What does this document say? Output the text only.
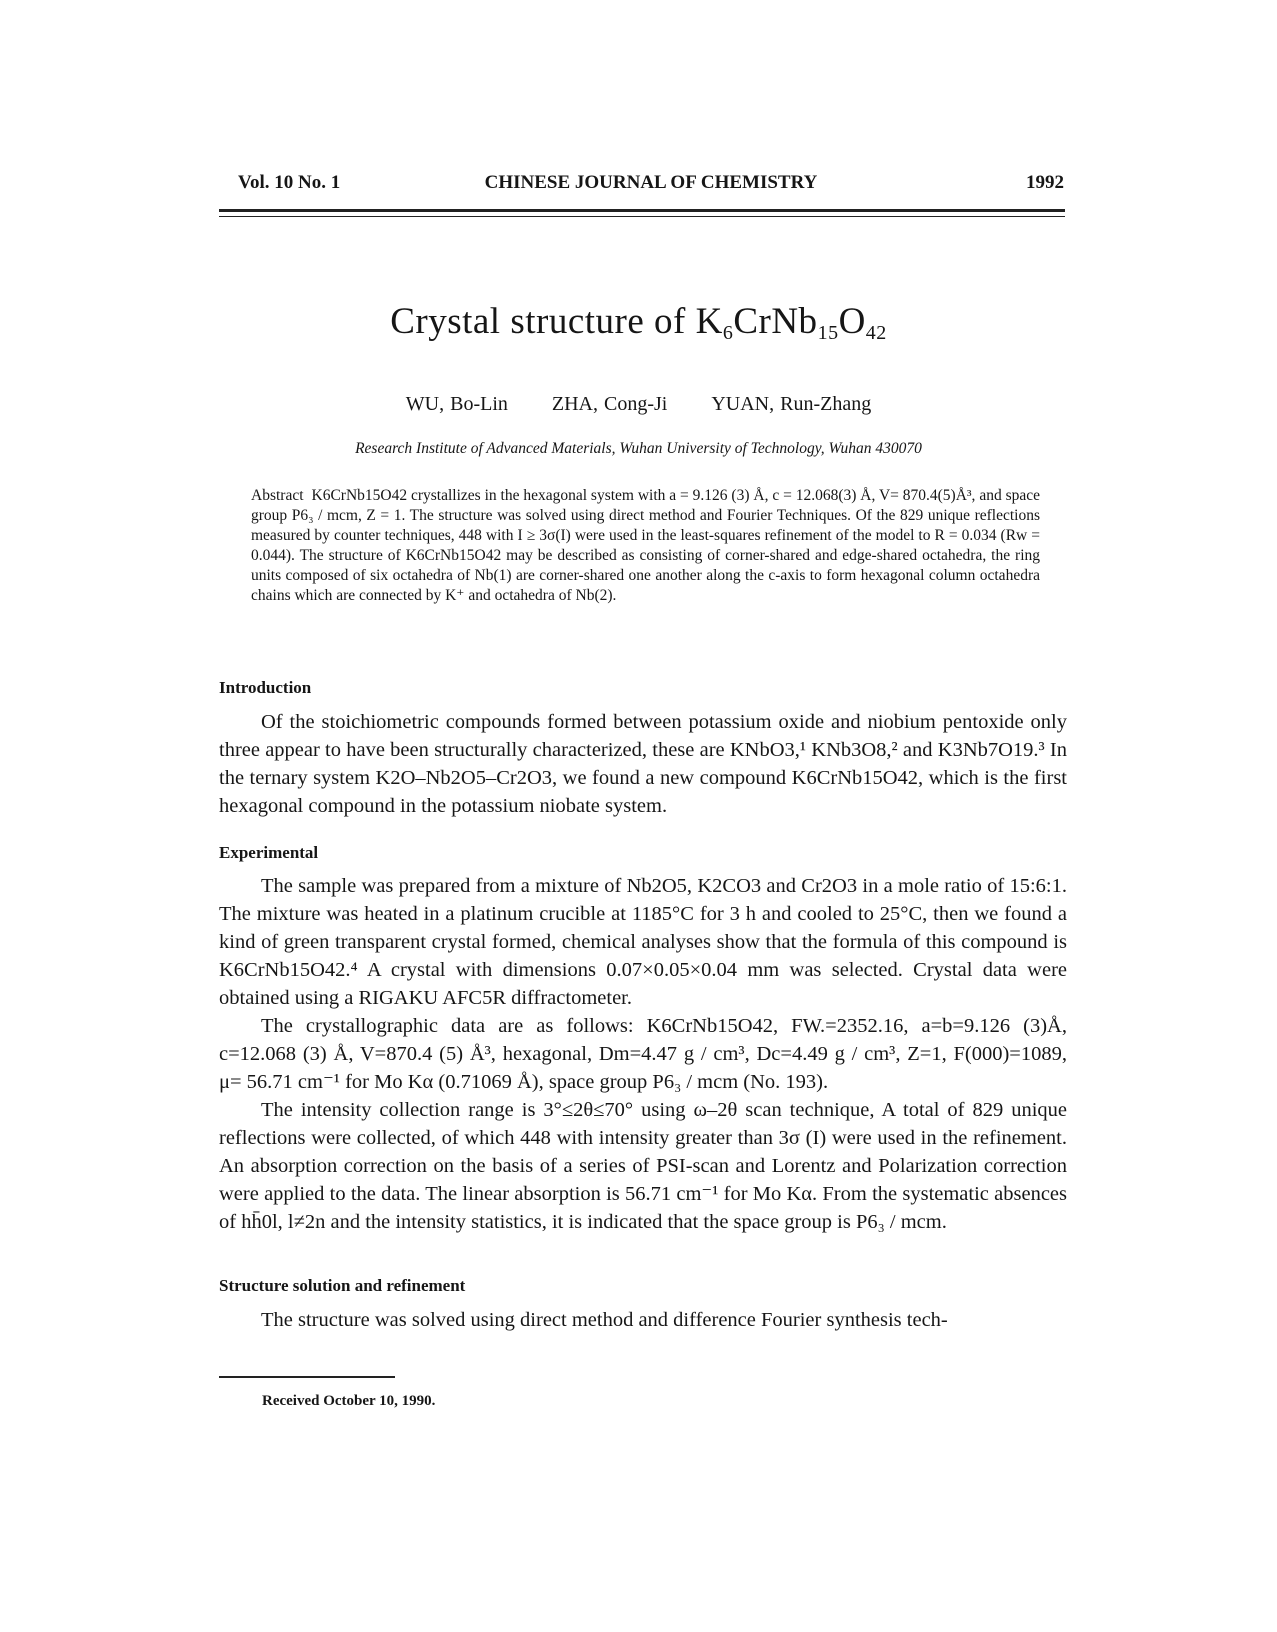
Vol. 10 No. 1	CHINESE JOURNAL OF CHEMISTRY	1992
Crystal structure of $K_6CrNb_{15}O_{42}$
WU, Bo-Lin ZHA, Cong-Ji YUAN, Run-Zhang
Research Institute of Advanced Materials, Wuhan University of Technology, Wuhan 430070
Abstract K6CrNb15O42 crystallizes in the hexagonal system with a = 9.126 (3) Å, c = 12.068(3) Å, V= 870.4(5)Å³, and space group P6₃ / mcm, Z = 1. The structure was solved using direct method and Fourier Techniques. Of the 829 unique reflections measured by counter techniques, 448 with I ≥ 3σ(I) were used in the least-squares refinement of the model to R = 0.034 (Rw = 0.044). The structure of K6CrNb15O42 may be described as consisting of corner-shared and edge-shared octahedra, the ring units composed of six octahedra of Nb(1) are corner-shared one another along the c-axis to form hexagonal column octahedra chains which are connected by K⁺ and octahedra of Nb(2).
Introduction

Of the stoichiometric compounds formed between potassium oxide and niobium pentoxide only three appear to have been structurally characterized, these are KNbO3,¹ KNb3O8,² and K3Nb7O19.³ In the ternary system K2O–Nb2O5–Cr2O3, we found a new compound K6CrNb15O42, which is the first hexagonal compound in the potassium niobate system.

Experimental

The sample was prepared from a mixture of Nb2O5, K2CO3 and Cr2O3 in a mole ratio of 15:6:1. The mixture was heated in a platinum crucible at 1185°C for 3 h and cooled to 25°C, then we found a kind of green transparent crystal formed, chemical analyses show that the formula of this compound is K6CrNb15O42.⁴ A crystal with dimensions 0.07×0.05×0.04 mm was selected. Crystal data were obtained using a RIGAKU AFC5R diffractometer.

The crystallographic data are as follows: K6CrNb15O42, FW.=2352.16, a=b=9.126 (3)Å, c=12.068 (3) Å, V=870.4 (5) Å³, hexagonal, Dm=4.47 g / cm³, Dc=4.49 g / cm³, Z=1, F(000)=1089, μ= 56.71 cm⁻¹ for Mo Kα (0.71069 Å), space group P6₃ / mcm (No. 193).

The intensity collection range is 3°≤2θ≤70° using ω–2θ scan technique, A total of 829 unique reflections were collected, of which 448 with intensity greater than 3σ (I) were used in the refinement. An absorption correction on the basis of a series of PSI-scan and Lorentz and Polarization correction were applied to the data. The linear absorption is 56.71 cm⁻¹ for Mo Kα. From the systematic absences of hh̄0l, l≠2n and the intensity statistics, it is indicated that the space group is P6₃ / mcm.

Structure solution and refinement

The structure was solved using direct method and difference Fourier synthesis tech-

Received October 10, 1990.
